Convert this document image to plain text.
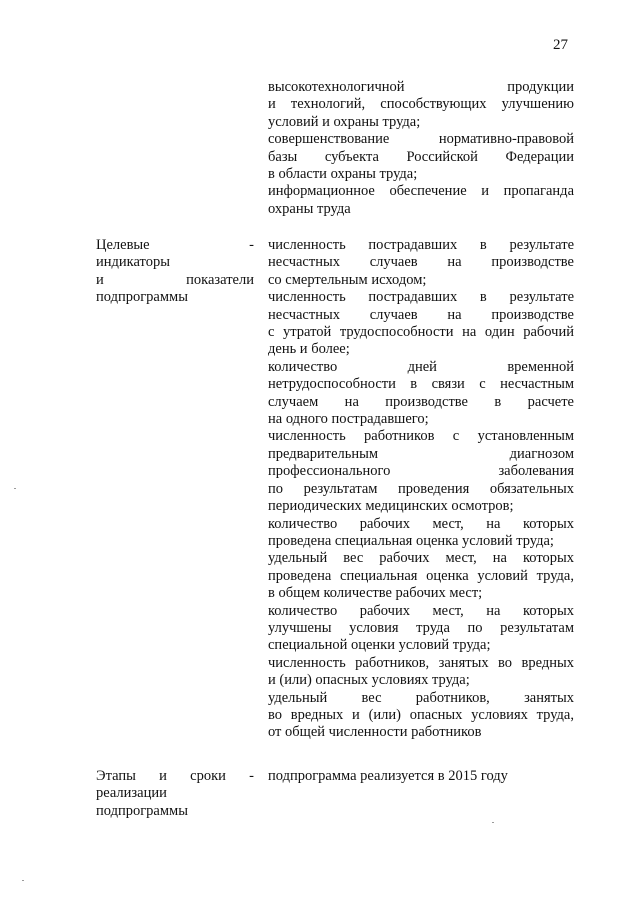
27
высокотехнологичной продукции
и технологий, способствующих улучшению
условий и охраны труда;
совершенствование нормативно-правовой
базы субъекта Российской Федерации
в области охраны труда;
информационное обеспечение и пропаганда
охраны труда
Целевые -
индикаторы
и показатели
подпрограммы
численность пострадавших в результате
несчастных случаев на производстве
со смертельным исходом;
численность пострадавших в результате
несчастных случаев на производстве
с утратой трудоспособности на один рабочий
день и более;
количество дней временной
нетрудоспособности в связи с несчастным
случаем на производстве в расчете
на одного пострадавшего;
численность работников с установленным
предварительным диагнозом
профессионального заболевания
по результатам проведения обязательных
периодических медицинских осмотров;
количество рабочих мест, на которых
проведена специальная оценка условий труда;
удельный вес рабочих мест, на которых
проведена специальная оценка условий труда,
в общем количестве рабочих мест;
количество рабочих мест, на которых
улучшены условия труда по результатам
специальной оценки условий труда;
численность работников, занятых во вредных
и (или) опасных условиях труда;
удельный вес работников, занятых
во вредных и (или) опасных условиях труда,
от общей численности работников
Этапы и сроки -
реализации
подпрограммы
подпрограмма реализуется в 2015 году
